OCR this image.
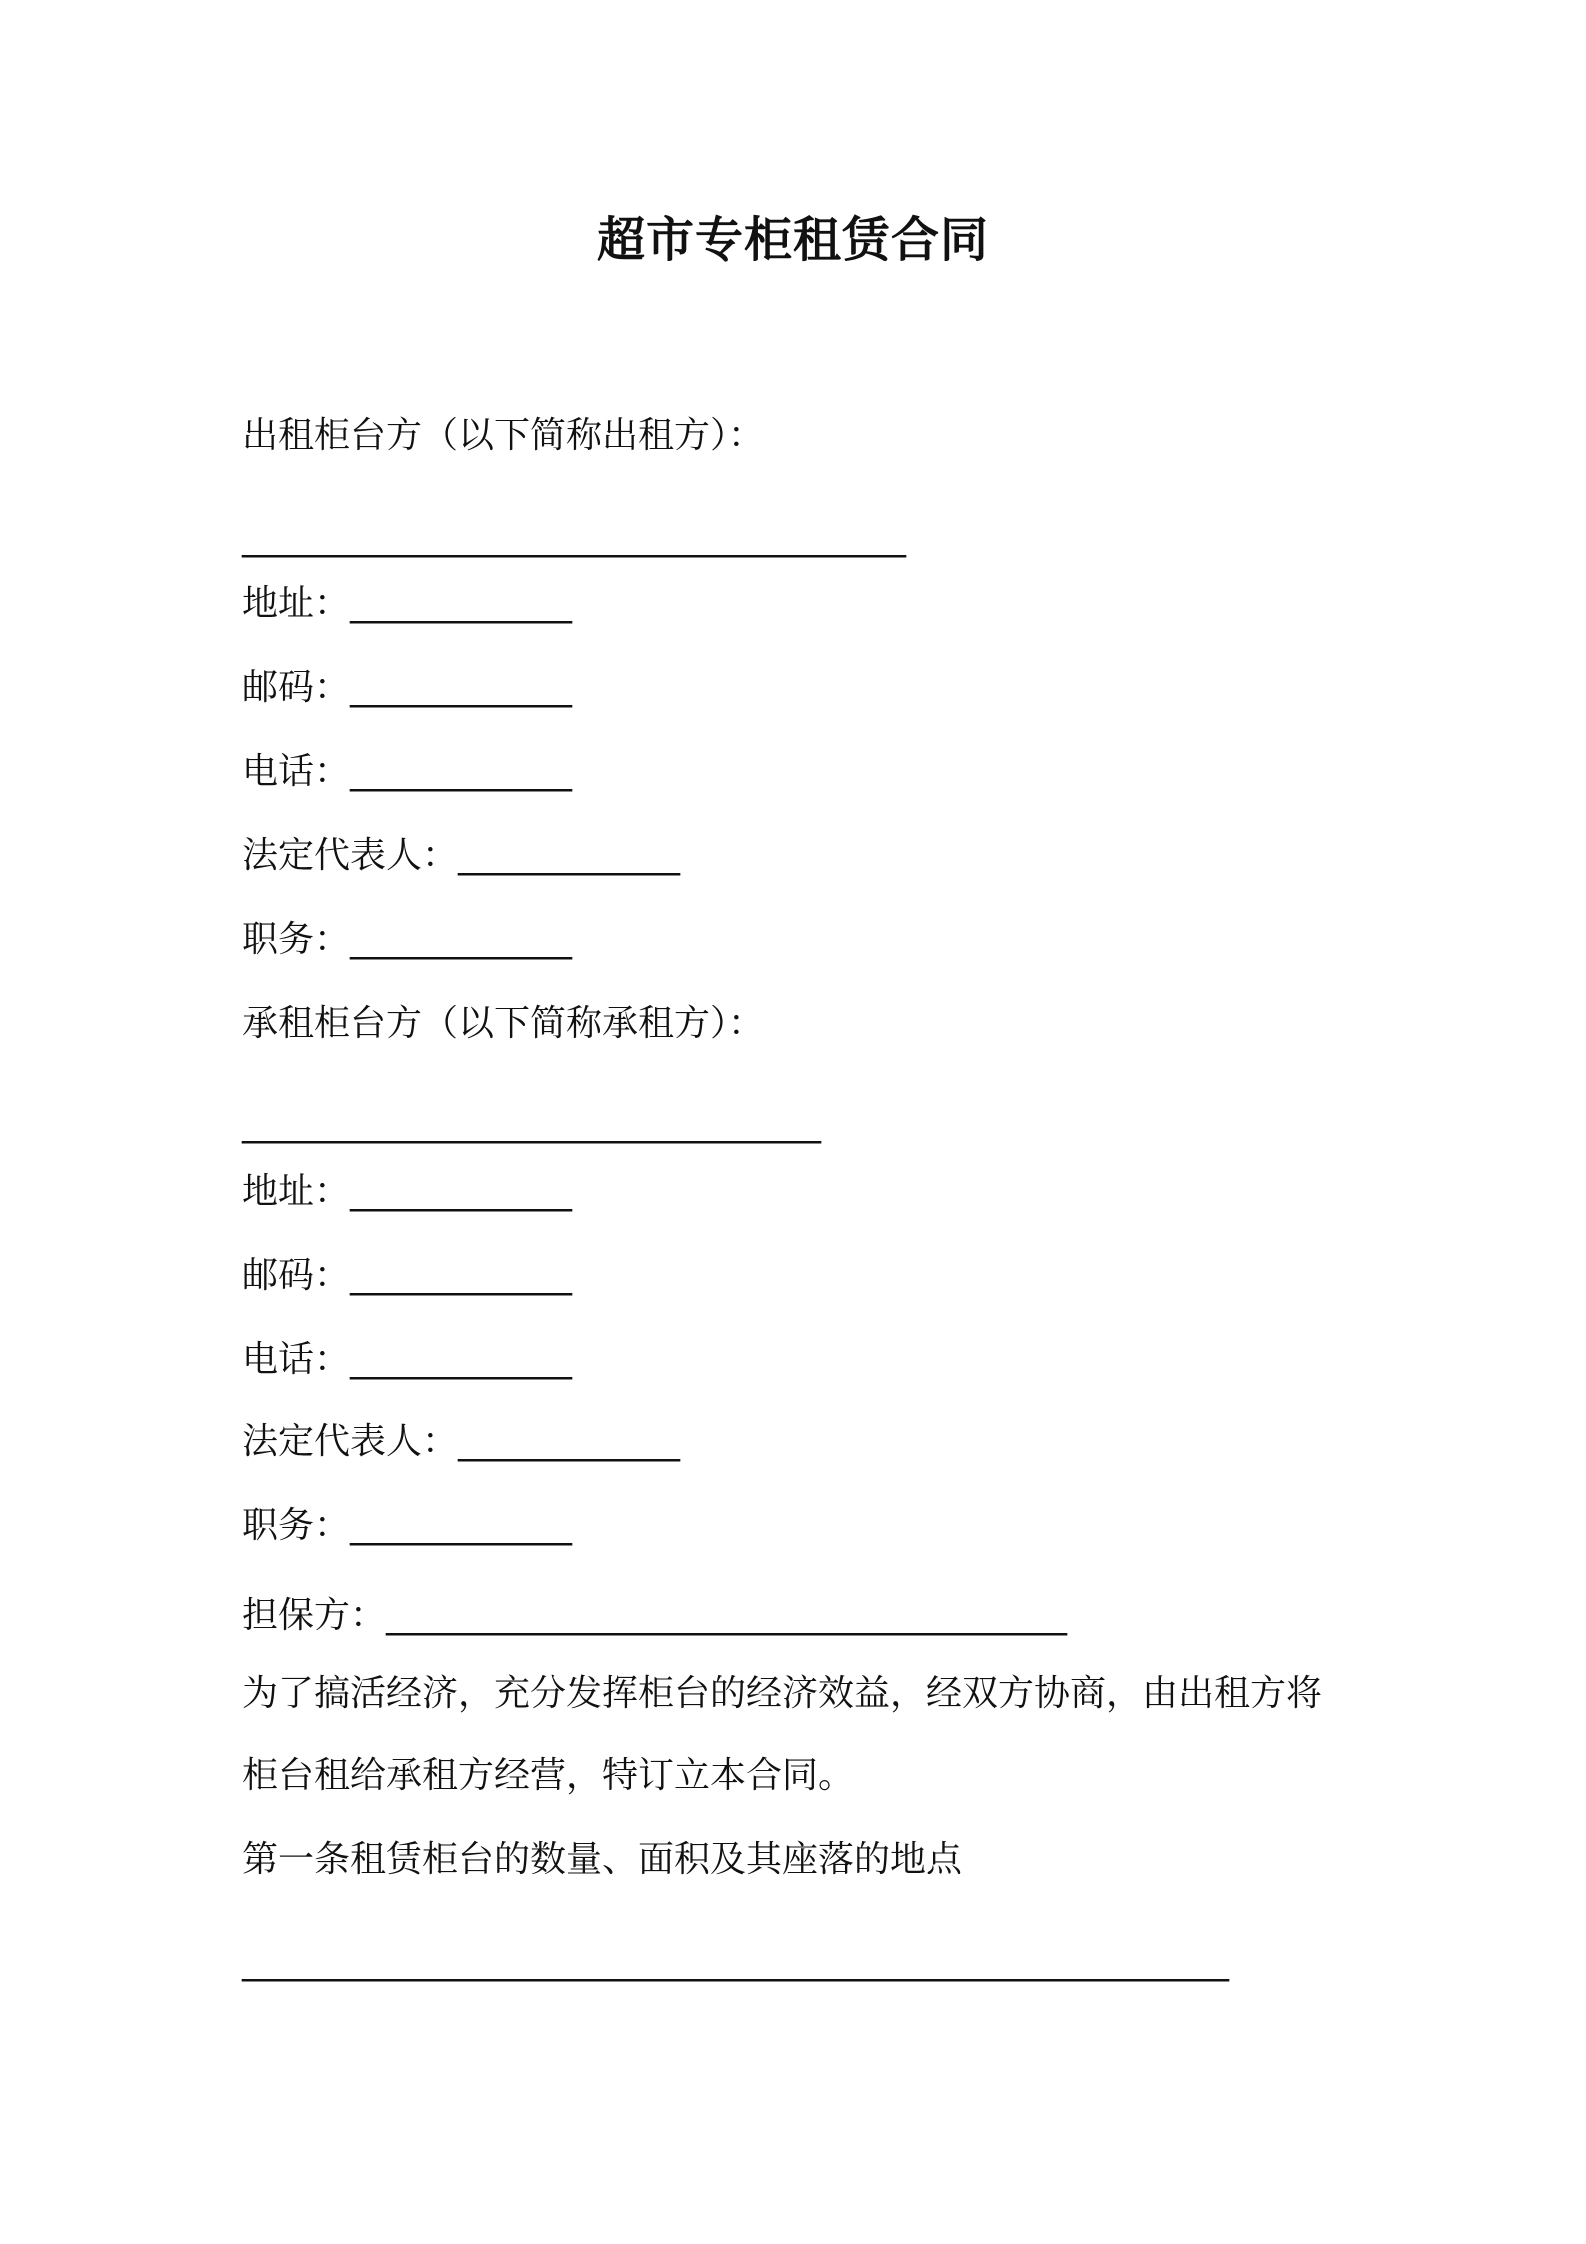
超市专柜租赁合同
出租柜台方（以下简称出租方）：
_______________________________________
地址：_____________
邮码：_____________
电话：_____________
法定代表人：_____________
职务：_____________
承租柜台方（以下简称承租方）：
__________________________________
地址：_____________
邮码：_____________
电话：_____________
法定代表人：_____________
职务：_____________
担保方：________________________________________
为了搞活经济，充分发挥柜台的经济效益，经双方协商，由出租方将
柜台租给承租方经营，特订立本合同。
第一条租赁柜台的数量、面积及其座落的地点
__________________________________________________________
